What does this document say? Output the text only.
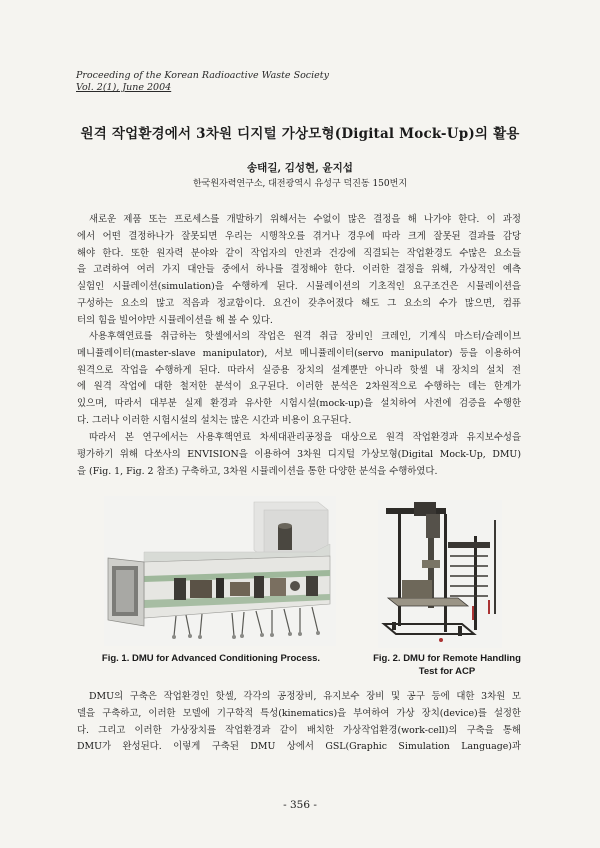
Proceeding of the Korean Radioactive Waste Society
Vol. 2(1), June 2004
원격 작업환경에서 3차원 디지털 가상모형(Digital Mock-Up)의 활용
송태길, 김성현, 윤지섭
한국원자력연구소, 대전광역시 유성구 덕진동 150번지
새로운 제품 또는 프로세스를 개발하기 위해서는 수없이 많은 결정을 해 나가야 한다. 이 과정
에서 어떤 결정하나가 잘못되면 우리는 시행착오를 겪거나 경우에 따라 크게 잘못된 결과를 감당
해야 한다. 또한 원자력 분야와 같이 작업자의 안전과 건강에 직결되는 작업환경도 수많은 요소들
을 고려하여 여러 가지 대안들 중에서 하나를 결정해야 한다. 이러한 결정을 위해, 가상적인 예측
실험인 시뮬레이션(simulation)을 수행하게 된다. 시뮬레이션의 기초적인 요구조건은 시뮬레이션을
구성하는 요소의 많고 적음과 정교함이다. 요건이 갖추어졌다 해도 그 요소의 수가 많으면, 컴퓨
터의 힘을 빌어야만 시뮬레이션을 해 볼 수 있다.
사용후핵연료를 취급하는 핫셀에서의 작업은 원격 취급 장비인 크레인, 기계식 마스터/슬레이브
메니퓰레이터(master-slave manipulator), 서보 메니퓰레이터(servo manipulator) 등을 이용하여
원격으로 작업을 수행하게 된다. 따라서 실증용 장치의 설계뿐만 아니라 핫셀 내 장치의 설치 전
에 원격 작업에 대한 철저한 분석이 요구된다. 이러한 분석은 2차원적으로 수행하는 데는 한계가
있으며, 따라서 대부분 실제 환경과 유사한 시험시설(mock-up)을 설치하여 사전에 검증을 수행한
다. 그러나 이러한 시험시설의 설치는 많은 시간과 비용이 요구된다.
따라서 본 연구에서는 사용후핵연료 차세대관리공정을 대상으로 원격 작업환경과 유지보수성을
평가하기 위해 다쏘사의 ENVISION을 이용하여 3차원 디지털 가상모형(Digital Mock-Up, DMU)
을 (Fig. 1, Fig. 2 참조) 구축하고, 3차원 시뮬레이션을 통한 다양한 분석을 수행하였다.
Fig. 1. DMU for Advanced Conditioning Process.	Fig. 2. DMU for Remote Handling
Test for ACP
DMU의 구축은 작업환경인 핫셀, 각각의 공정장비, 유지보수 장비 및 공구 등에 대한 3차원 모
델을 구축하고, 이러한 모델에 기구학적 특성(kinematics)을 부여하여 가상 장치(device)를 설정한
다. 그리고 이러한 가상장치를 작업환경과 같이 배치한 가상작업환경(work-cell)의 구축을 통해
DMU가 완성된다. 이렇게 구축된 DMU 상에서 GSL(Graphic Simulation Language)과
- 356 -
